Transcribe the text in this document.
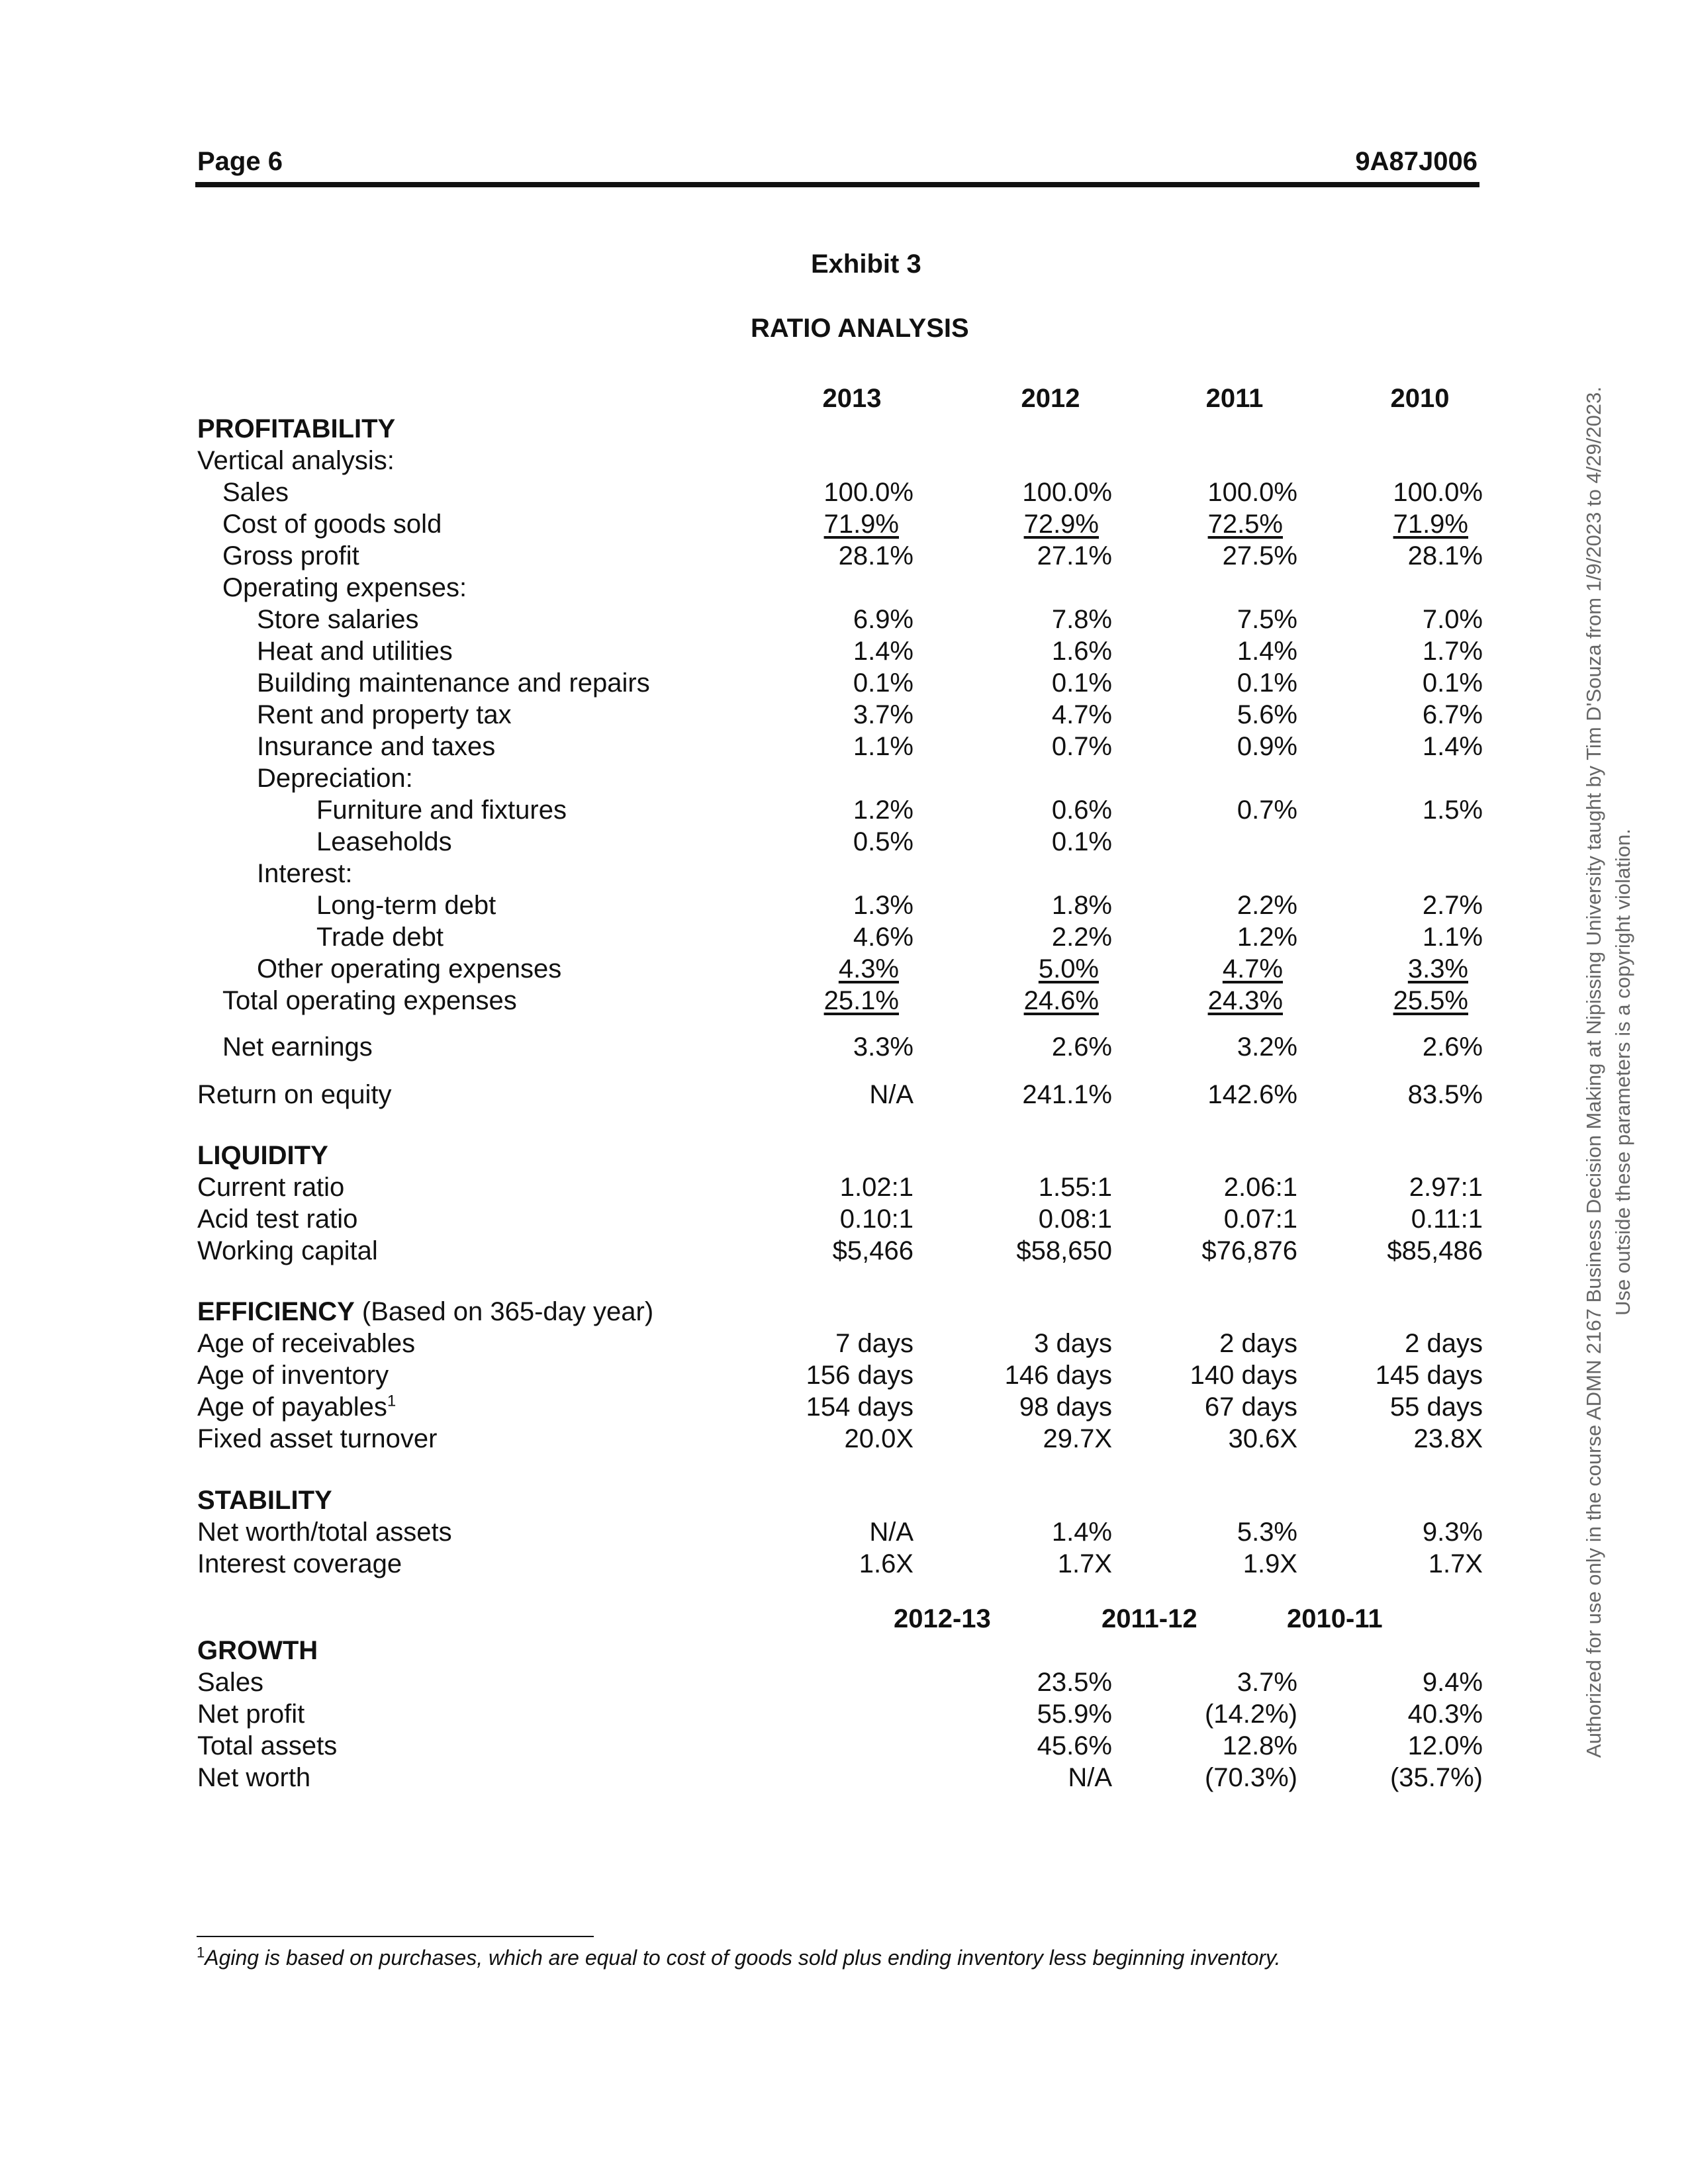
Page 6	9A87J006
Exhibit 3
RATIO ANALYSIS
2013	2012	2011	2010
2012-13	2011-12	2010-11
PROFITABILITY
Vertical analysis:
Sales	100.0%	100.0%	100.0%	100.0%
Cost of goods sold	71.9%	72.9%	72.5%	71.9%
Gross profit	28.1%	27.1%	27.5%	28.1%
Operating expenses:
Store salaries	6.9%	7.8%	7.5%	7.0%
Heat and utilities	1.4%	1.6%	1.4%	1.7%
Building maintenance and repairs	0.1%	0.1%	0.1%	0.1%
Rent and property tax	3.7%	4.7%	5.6%	6.7%
Insurance and taxes	1.1%	0.7%	0.9%	1.4%
Depreciation:
Furniture and fixtures	1.2%	0.6%	0.7%	1.5%
Leaseholds	0.5%	0.1%
Interest:
Long-term debt	1.3%	1.8%	2.2%	2.7%
Trade debt	4.6%	2.2%	1.2%	1.1%
Other operating expenses	4.3%	5.0%	4.7%	3.3%
Total operating expenses	25.1%	24.6%	24.3%	25.5%
Net earnings	3.3%	2.6%	3.2%	2.6%
Return on equity	N/A	241.1%	142.6%	83.5%
LIQUIDITY
Current ratio	1.02:1	1.55:1	2.06:1	2.97:1
Acid test ratio	0.10:1	0.08:1	0.07:1	0.11:1
Working capital	$5,466	$58,650	$76,876	$85,486
EFFICIENCY (Based on 365-day year)
Age of receivables	7 days	3 days	2 days	2 days
Age of inventory	156 days	146 days	140 days	145 days
Age of payables$^1$	154 days	98 days	67 days	55 days
Fixed asset turnover	20.0X	29.7X	30.6X	23.8X
STABILITY
Net worth/total assets	N/A	1.4%	5.3%	9.3%
Interest coverage	1.6X	1.7X	1.9X	1.7X
GROWTH
Sales	23.5%	3.7%	9.4%
Net profit	55.9%	(14.2%)	40.3%
Total assets	45.6%	12.8%	12.0%
Net worth	N/A	(70.3%)	(35.7%)
$^1$Aging is based on purchases, which are equal to cost of goods sold plus ending inventory less beginning inventory.
Authorized for use only in the course ADMN 2167 Business Decision Making at Nipissing University taught by Tim D'Souza from 1/9/2023 to 4/29/2023. Use outside these parameters is a copyright violation.
